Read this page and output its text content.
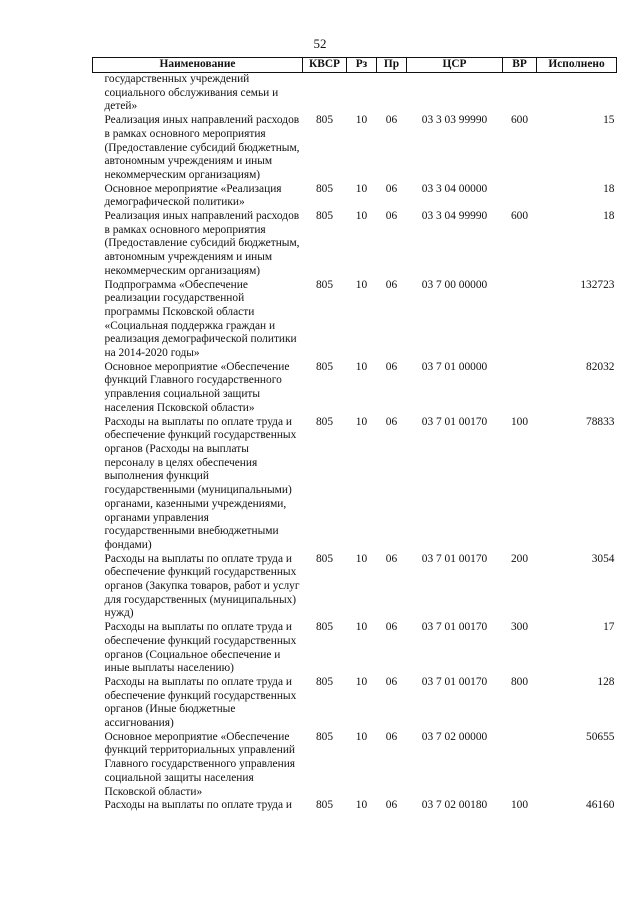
52
Наименование	КВСР	Рз	Пр	ЦСР	ВР	Исполнено
государственных учреждений социального обслуживания семьи и детей»						
Реализация иных направлений расходов в рамках основного мероприятия (Предоставление субсидий бюджетным, автономным учреждениям и иным некоммерческим организациям)	805	10	06	03 3 03 99990	600	15
Основное мероприятие «Реализация демографической политики»	805	10	06	03 3 04 00000		18
Реализация иных направлений расходов в рамках основного мероприятия (Предоставление субсидий бюджетным, автономным учреждениям и иным некоммерческим организациям)	805	10	06	03 3 04 99990	600	18
Подпрограмма «Обеспечение реализации государственной программы Псковской области «Социальная поддержка граждан и реализация демографической политики на 2014-2020 годы»	805	10	06	03 7 00 00000		132723
Основное мероприятие «Обеспечение функций Главного государственного управления социальной защиты населения Псковской области»	805	10	06	03 7 01 00000		82032
Расходы на выплаты по оплате труда и обеспечение функций государственных органов (Расходы на выплаты персоналу в целях обеспечения выполнения функций государственными (муниципальными) органами, казенными учреждениями, органами управления государственными внебюджетными фондами)	805	10	06	03 7 01 00170	100	78833
Расходы на выплаты по оплате труда и обеспечение функций государственных органов (Закупка товаров, работ и услуг для государственных (муниципальных) нужд)	805	10	06	03 7 01 00170	200	3054
Расходы на выплаты по оплате труда и обеспечение функций государственных органов (Социальное обеспечение и иные выплаты населению)	805	10	06	03 7 01 00170	300	17
Расходы на выплаты по оплате труда и обеспечение функций государственных органов (Иные бюджетные ассигнования)	805	10	06	03 7 01 00170	800	128
Основное мероприятие «Обеспечение функций территориальных управлений Главного государственного управления социальной защиты населения Псковской области»	805	10	06	03 7 02 00000		50655
Расходы на выплаты по оплате труда и	805	10	06	03 7 02 00180	100	46160
